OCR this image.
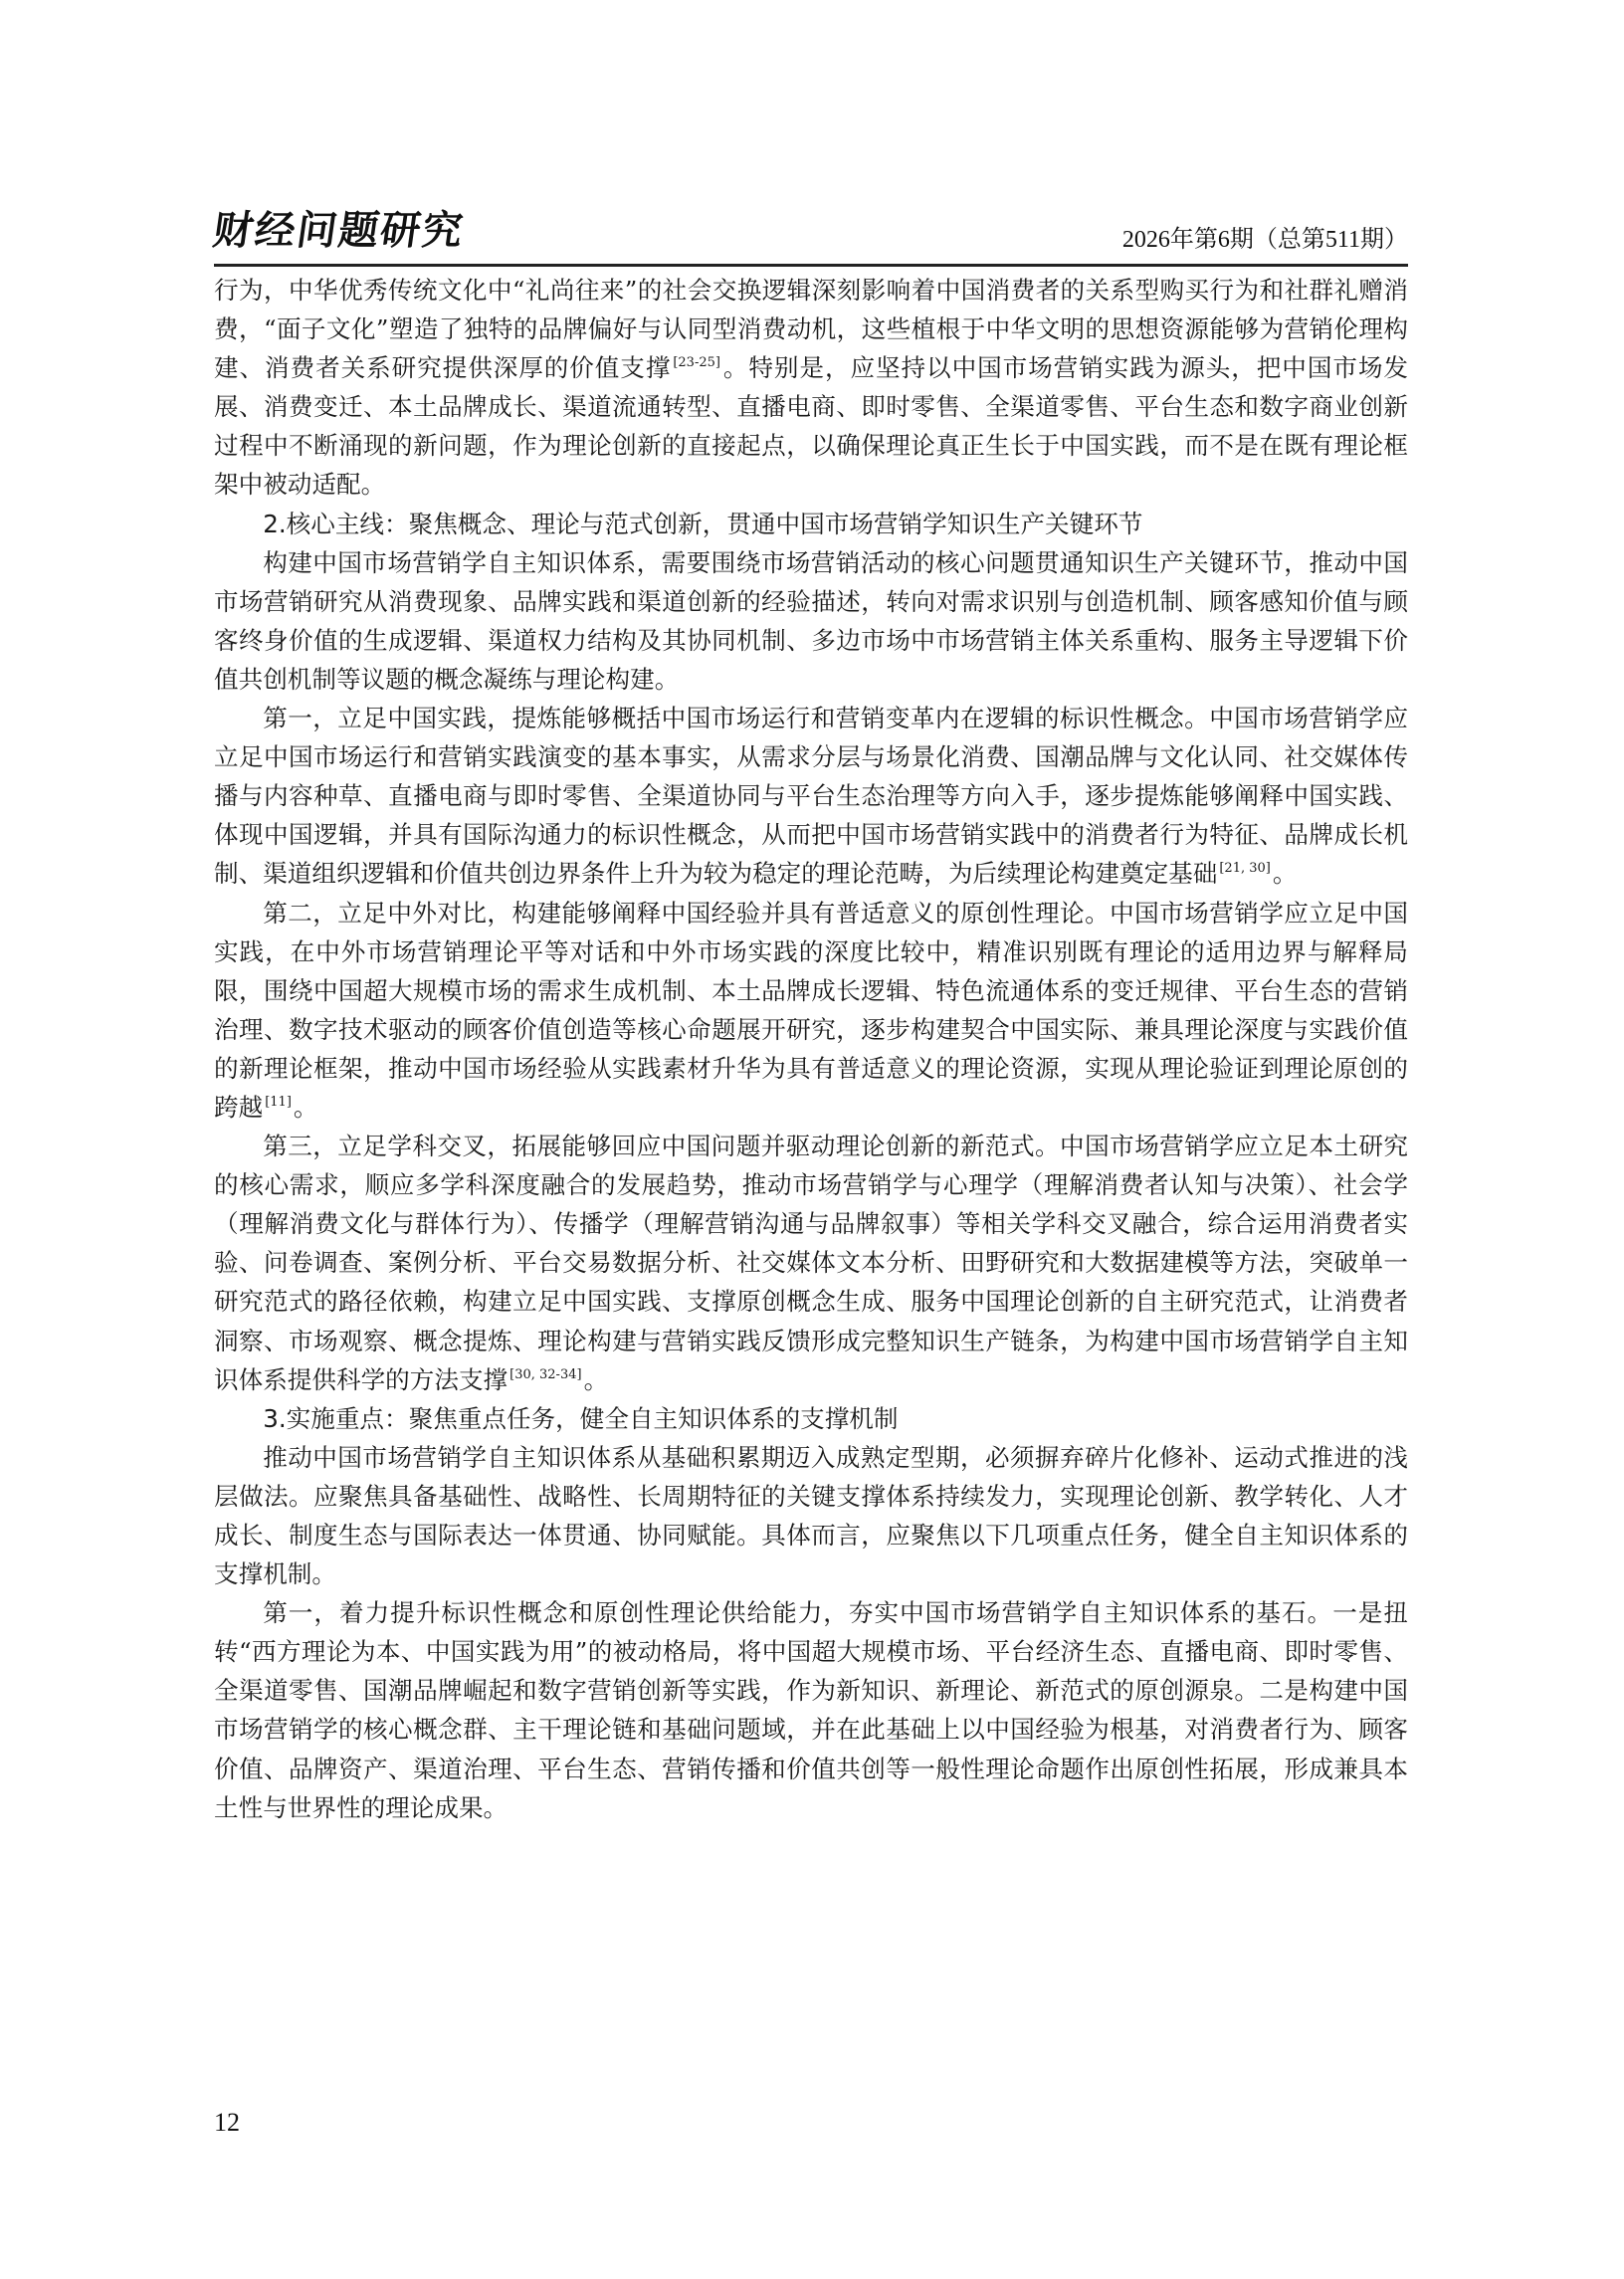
财经问题研究	2026年第6期（总第511期）

行为，中华优秀传统文化中“礼尚往来”的社会交换逻辑深刻影响着中国消费者的关系型购买行为和社群礼赠消费，“面子文化”塑造了独特的品牌偏好与认同型消费动机，这些植根于中华文明的思想资源能够为营销伦理构建、消费者关系研究提供深厚的价值支撑 [23-25]。特别是，应坚持以中国市场营销实践为源头，把中国市场发展、消费变迁、本土品牌成长、渠道流通转型、直播电商、即时零售、全渠道零售、平台生态和数字商业创新过程中不断涌现的新问题，作为理论创新的直接起点，以确保理论真正生长于中国实践，而不是在既有理论框架中被动适配。

2.核心主线：聚焦概念、理论与范式创新，贯通中国市场营销学知识生产关键环节

构建中国市场营销学自主知识体系，需要围绕市场营销活动的核心问题贯通知识生产关键环节，推动中国市场营销研究从消费现象、品牌实践和渠道创新的经验描述，转向对需求识别与创造机制、顾客感知价值与顾客终身价值的生成逻辑、渠道权力结构及其协同机制、多边市场中市场营销主体关系重构、服务主导逻辑下价值共创机制等议题的概念凝练与理论构建。

第一，立足中国实践，提炼能够概括中国市场运行和营销变革内在逻辑的标识性概念。中国市场营销学应立足中国市场运行和营销实践演变的基本事实，从需求分层与场景化消费、国潮品牌与文化认同、社交媒体传播与内容种草、直播电商与即时零售、全渠道协同与平台生态治理等方向入手，逐步提炼能够阐释中国实践、体现中国逻辑，并具有国际沟通力的标识性概念，从而把中国市场营销实践中的消费者行为特征、品牌成长机制、渠道组织逻辑和价值共创边界条件上升为较为稳定的理论范畴，为后续理论构建奠定基础 [21, 30]。

第二，立足中外对比，构建能够阐释中国经验并具有普适意义的原创性理论。中国市场营销学应立足中国实践，在中外市场营销理论平等对话和中外市场实践的深度比较中，精准识别既有理论的适用边界与解释局限，围绕中国超大规模市场的需求生成机制、本土品牌成长逻辑、特色流通体系的变迁规律、平台生态的营销治理、数字技术驱动的顾客价值创造等核心命题展开研究，逐步构建契合中国实际、兼具理论深度与实践价值的新理论框架，推动中国市场经验从实践素材升华为具有普适意义的理论资源，实现从理论验证到理论原创的跨越 [11]。

第三，立足学科交叉，拓展能够回应中国问题并驱动理论创新的新范式。中国市场营销学应立足本土研究的核心需求，顺应多学科深度融合的发展趋势，推动市场营销学与心理学（理解消费者认知与决策）、社会学（理解消费文化与群体行为）、传播学（理解营销沟通与品牌叙事）等相关学科交叉融合，综合运用消费者实验、问卷调查、案例分析、平台交易数据分析、社交媒体文本分析、田野研究和大数据建模等方法，突破单一研究范式的路径依赖，构建立足中国实践、支撑原创概念生成、服务中国理论创新的自主研究范式，让消费者洞察、市场观察、概念提炼、理论构建与营销实践反馈形成完整知识生产链条，为构建中国市场营销学自主知识体系提供科学的方法支撑 [30, 32-34]。

3.实施重点：聚焦重点任务，健全自主知识体系的支撑机制

推动中国市场营销学自主知识体系从基础积累期迈入成熟定型期，必须摒弃碎片化修补、运动式推进的浅层做法。应聚焦具备基础性、战略性、长周期特征的关键支撑体系持续发力，实现理论创新、教学转化、人才成长、制度生态与国际表达一体贯通、协同赋能。具体而言，应聚焦以下几项重点任务，健全自主知识体系的支撑机制。

第一，着力提升标识性概念和原创性理论供给能力，夯实中国市场营销学自主知识体系的基石。一是扭转“西方理论为本、中国实践为用”的被动格局，将中国超大规模市场、平台经济生态、直播电商、即时零售、全渠道零售、国潮品牌崛起和数字营销创新等实践，作为新知识、新理论、新范式的原创源泉。二是构建中国市场营销学的核心概念群、主干理论链和基础问题域，并在此基础上以中国经验为根基，对消费者行为、顾客价值、品牌资产、渠道治理、平台生态、营销传播和价值共创等一般性理论命题作出原创性拓展，形成兼具本土性与世界性的理论成果。

12
